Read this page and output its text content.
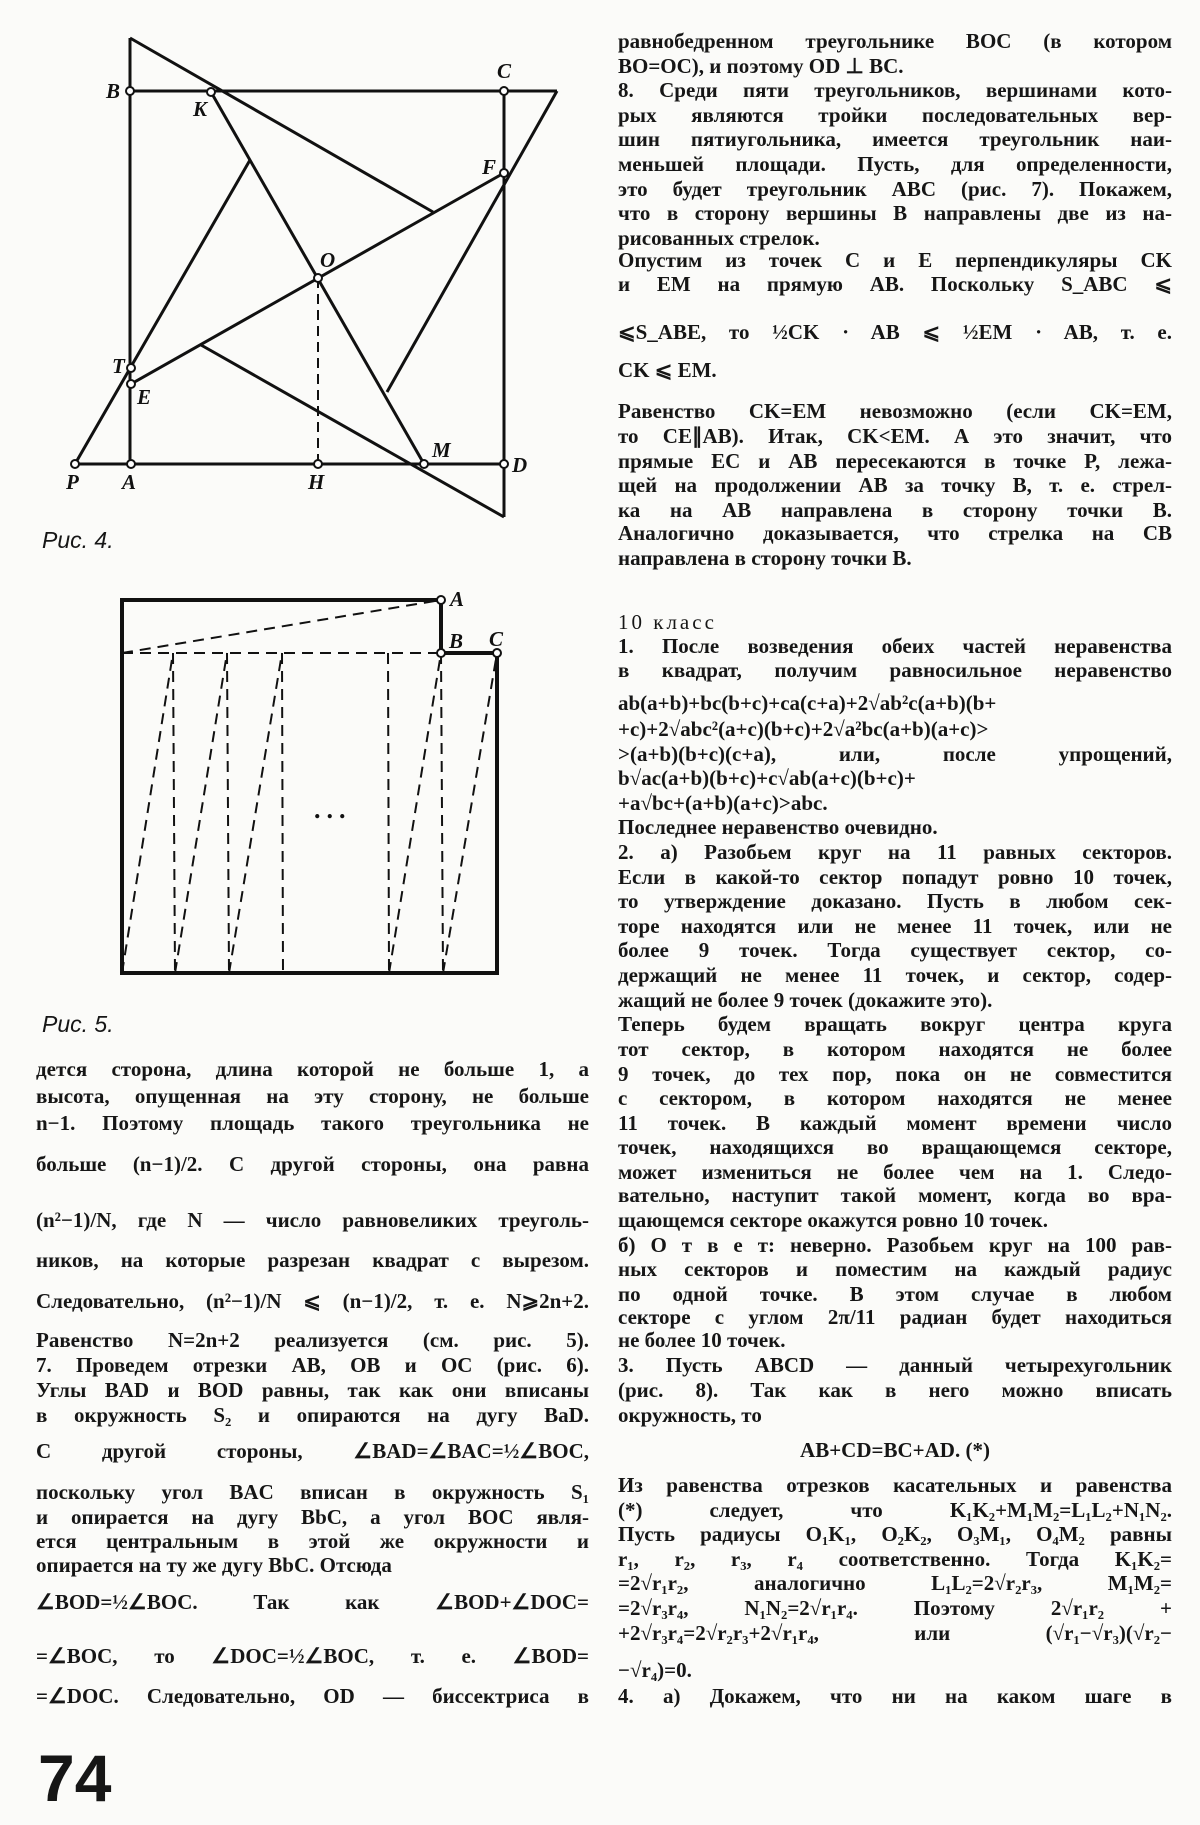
B
K
C
F
O
T
E
P A	H
M
D
A
B C
...
Рис. 4.
Рис. 5.
дется сторона, длина которой не больше 1, а
высота, опущенная на эту сторону, не больше
n−1. Поэтому площадь такого треугольника не
больше (n−1)/2. С другой стороны, она равна
(n²−1)/N, где N — число равновеликих треуголь-
ников, на которые разрезан квадрат с вырезом.
Следовательно, (n²−1)/N ⩽ (n−1)/2, т. е. N⩾2n+2.
Равенство N=2n+2 реализуется (см. рис. 5).
7. Проведем отрезки AB, OB и OC (рис. 6).
Углы BAD и BOD равны, так как они вписаны
в окружность S₂ и опираются на дугу BaD.
С другой стороны, ∠BAD=∠BAC=½∠BOC,
поскольку угол BAC вписан в окружность S₁
и опирается на дугу BbC, а угол BOC явля-
ется центральным в этой же окружности и
опирается на ту же дугу BbC. Отсюда
∠BOD=½∠BOC. Так как ∠BOD+∠DOC=
=∠BOC, то ∠DOC=½∠BOC, т. е. ∠BOD=
=∠DOC. Следовательно, OD — биссектриса в
равнобедренном треугольнике BOC (в котором
BO=OC), и поэтому OD ⊥ BC.
8. Среди пяти треугольников, вершинами кото-
рых являются тройки последовательных вер-
шин пятиугольника, имеется треугольник наи-
меньшей площади. Пусть, для определенности,
это будет треугольник ABC (рис. 7). Покажем,
что в сторону вершины B направлены две из на-
рисованных стрелок.
Опустим из точек C и E перпендикуляры CK
и EM на прямую AB. Поскольку S_ABC ⩽
⩽S_ABE, то ½CK · AB ⩽ ½EM · AB, т. е.
CK ⩽ EM.
Равенство CK=EM невозможно (если CK=EM,
то CE∥AB). Итак, CK<EM. А это значит, что
прямые EC и AB пересекаются в точке P, лежа-
щей на продолжении AB за точку B, т. е. стрел-
ка на AB направлена в сторону точки B.
Аналогично доказывается, что стрелка на CB
направлена в сторону точки B.
10 класс
1. После возведения обеих частей неравенства
в квадрат, получим равносильное неравенство
ab(a+b)+bc(b+c)+ca(c+a)+2√ab²c(a+b)(b+
+c)+2√abc²(a+c)(b+c)+2√a²bc(a+b)(a+c)>
>(a+b)(b+c)(c+a), или, после упрощений,
b√ac(a+b)(b+c)+c√ab(a+c)(b+c)+
+a√bc+(a+b)(a+c)>abc.
Последнее неравенство очевидно.
2. а) Разобьем круг на 11 равных секторов.
Если в какой-то сектор попадут ровно 10 точек,
то утверждение доказано. Пусть в любом сек-
торе находятся или не менее 11 точек, или не
более 9 точек. Тогда существует сектор, со-
держащий не менее 11 точек, и сектор, содер-
жащий не более 9 точек (докажите это).
Теперь будем вращать вокруг центра круга
тот сектор, в котором находятся не более
9 точек, до тех пор, пока он не совместится
с сектором, в котором находятся не менее
11 точек. В каждый момент времени число
точек, находящихся во вращающемся секторе,
может измениться не более чем на 1. Следо-
вательно, наступит такой момент, когда во вра-
щающемся секторе окажутся ровно 10 точек.
б) О т в е т: неверно. Разобьем круг на 100 рав-
ных секторов и поместим на каждый радиус
по одной точке. В этом случае в любом
секторе с углом 2π/11 радиан будет находиться
не более 10 точек.
3. Пусть ABCD — данный четырехугольник
(рис. 8). Так как в него можно вписать
окружность, то
AB+CD=BC+AD. (*)
Из равенства отрезков касательных и равенства
(*) следует, что K₁K₂+M₁M₂=L₁L₂+N₁N₂.
Пусть радиусы O₁K₁, O₂K₂, O₃M₁, O₄M₂ равны
r₁, r₂, r₃, r₄ соответственно. Тогда K₁K₂=
=2√r₁r₂, аналогично L₁L₂=2√r₂r₃, M₁M₂=
=2√r₃r₄, N₁N₂=2√r₁r₄. Поэтому 2√r₁r₂ +
+2√r₃r₄=2√r₂r₃+2√r₁r₄, или (√r₁−√r₃)(√r₂−
−√r₄)=0.
4. а) Докажем, что ни на каком шаге в
74
